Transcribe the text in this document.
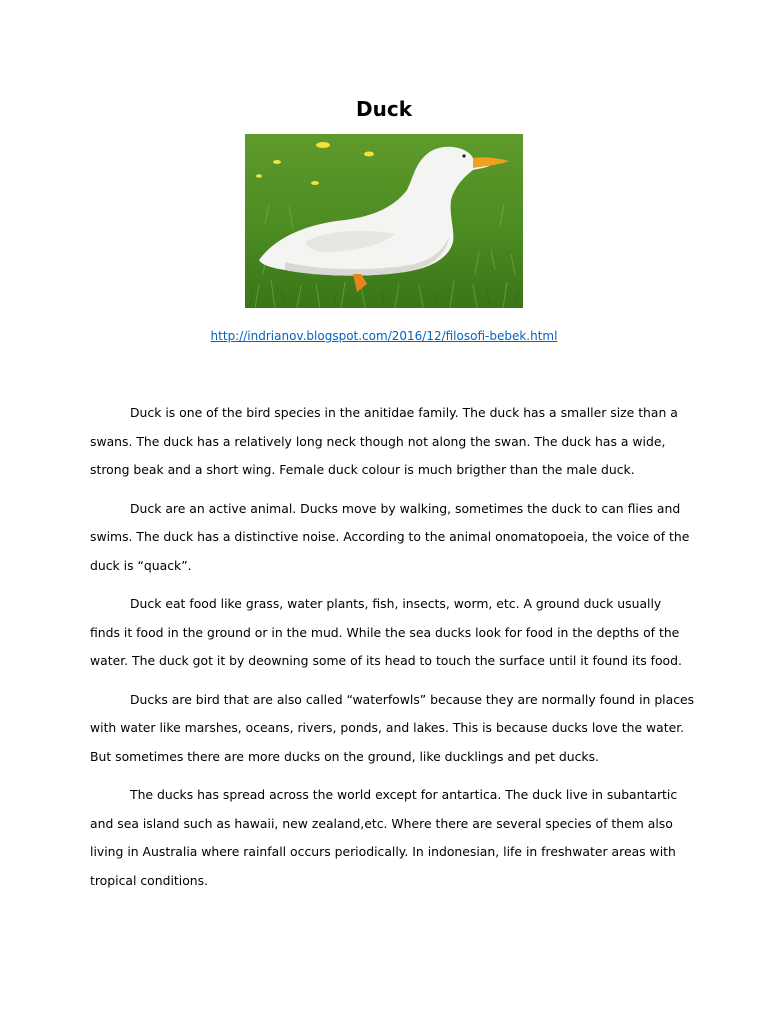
Duck
http://indrianov.blogspot.com/2016/12/filosofi-bebek.html

Duck is one of the bird species in the anitidae family. The duck has a smaller size than a
swans. The duck has a relatively long neck though not along the swan. The duck has a wide,
strong beak and a short wing. Female duck colour is much brigther than the male duck.

Duck are an active animal. Ducks move by walking, sometimes the duck to can flies and
swims. The duck has a distinctive noise. According to the animal onomatopoeia, the voice of the
duck is “quack”.

Duck eat food like grass, water plants, fish, insects, worm, etc. A ground duck usually
finds it food in the ground or in the mud. While the sea ducks look for food in the depths of the
water. The duck got it by deowning some of its head to touch the surface until it found its food.

Ducks are bird that are also called “waterfowls” because they are normally found in places
with water like marshes, oceans, rivers, ponds, and lakes. This is because ducks love the water.
But sometimes there are more ducks on the ground, like ducklings and pet ducks.

The ducks has spread across the world except for antartica. The duck live in subantartic
and sea island such as hawaii, new zealand,etc. Where there are several species of them also
living in Australia where rainfall occurs periodically. In indonesian, life in freshwater areas with
tropical conditions.
